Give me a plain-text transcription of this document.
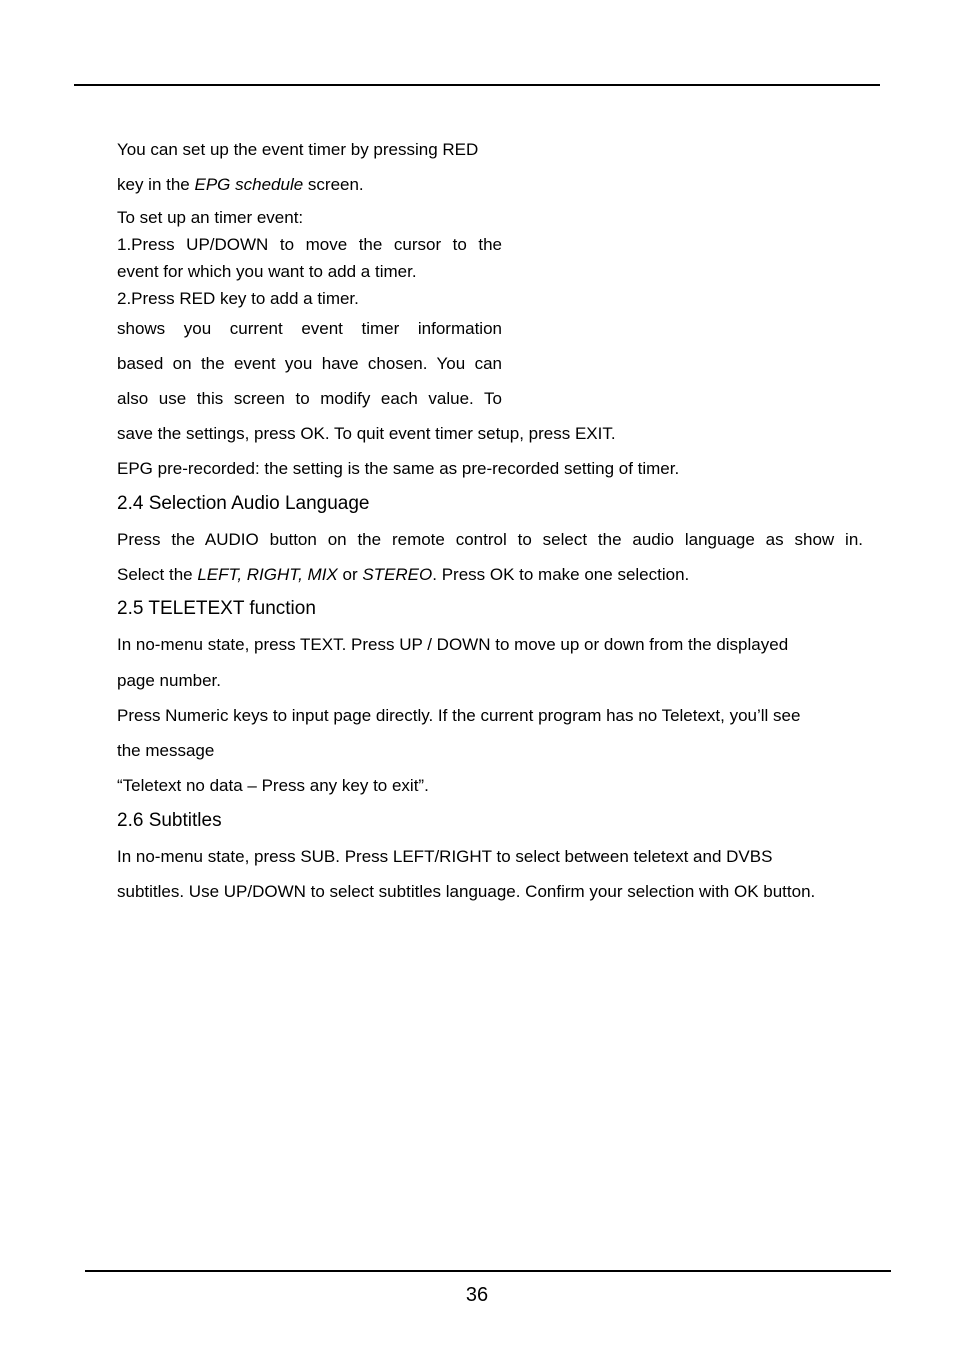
You can set up the event timer by pressing RED
key in the EPG schedule screen.
To set up an timer event:
1.Press UP/DOWN to move the cursor to the
event for which you want to add a timer.
2.Press RED key to add a timer.
shows you current event timer information
based on the event you have chosen. You can
also use this screen to modify each value. To
save the settings, press OK. To quit event timer setup, press EXIT.
EPG pre-recorded: the setting is the same as pre-recorded setting of timer.
2.4 Selection Audio Language
Press the AUDIO button on the remote control to select the audio language as show in.
Select the LEFT, RIGHT, MIX or STEREO. Press OK to make one selection.
2.5 TELETEXT function
In no-menu state, press TEXT. Press UP / DOWN to move up or down from the displayed
page number.
Press Numeric keys to input page directly. If the current program has no Teletext, you’ll see
the message
“Teletext no data – Press any key to exit”.
2.6 Subtitles
In no-menu state, press SUB. Press LEFT/RIGHT to select between teletext and DVBS
subtitles. Use UP/DOWN to select subtitles language. Confirm your selection with OK button.
36
